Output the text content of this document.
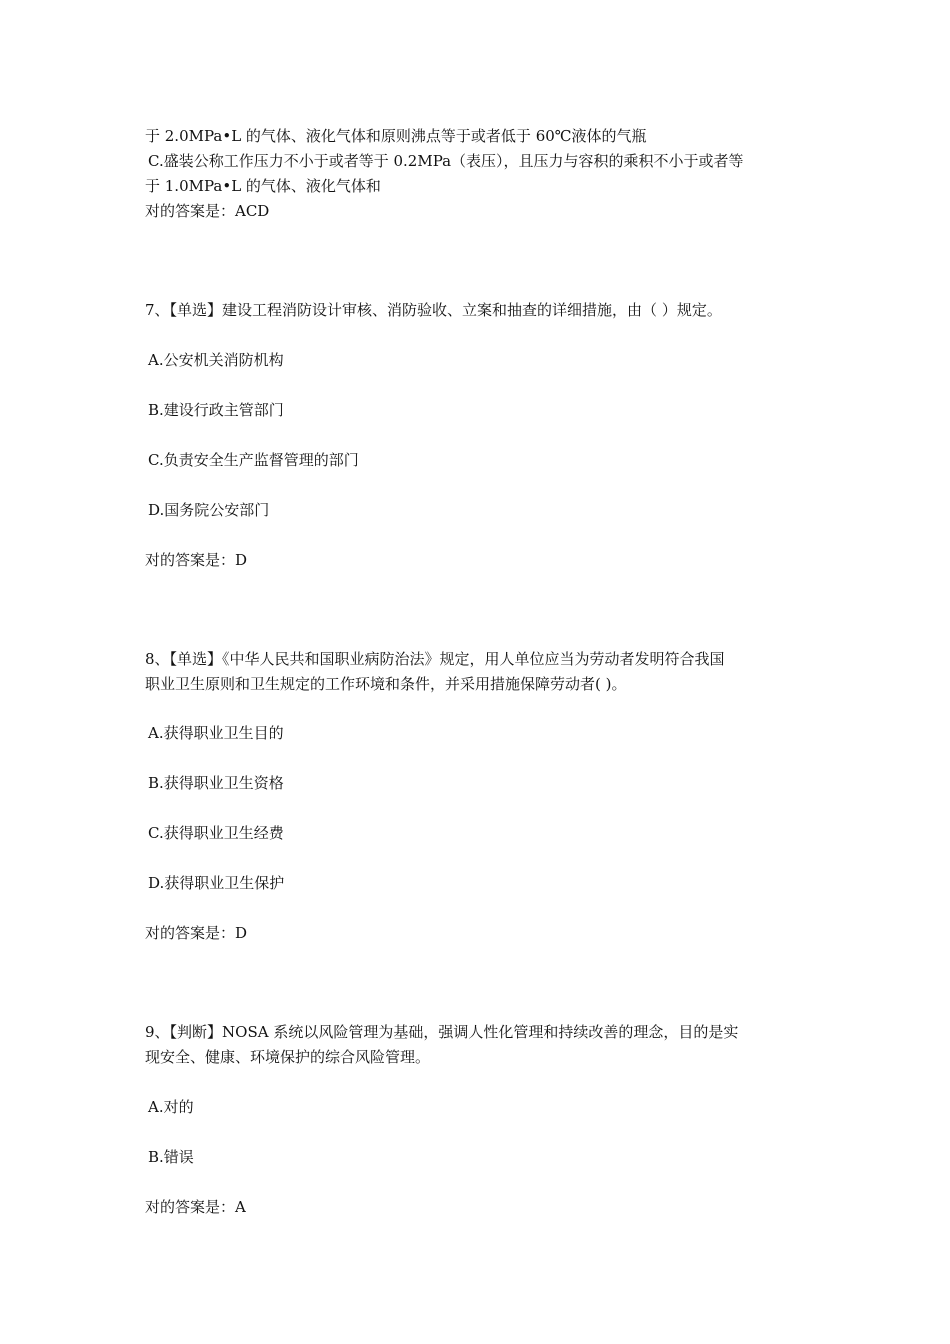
于 2.0MPa•L 的气体、液化气体和原则沸点等于或者低于 60℃液体的气瓶
C.盛装公称工作压力不小于或者等于 0.2MPa（表压），且压力与容积的乘积不小于或者等
于 1.0MPa•L 的气体、液化气体和
对的答案是：ACD
7、【单选】建设工程消防设计审核、消防验收、立案和抽查的详细措施，由（ ）规定。
A.公安机关消防机构
B.建设行政主管部门
C.负责安全生产监督管理的部门
D.国务院公安部门
对的答案是：D
8、【单选】《中华人民共和国职业病防治法》规定，用人单位应当为劳动者发明符合我国
职业卫生原则和卫生规定的工作环境和条件，并采用措施保障劳动者( )。
A.获得职业卫生目的
B.获得职业卫生资格
C.获得职业卫生经费
D.获得职业卫生保护
对的答案是：D
9、【判断】NOSA 系统以风险管理为基础，强调人性化管理和持续改善的理念，目的是实
现安全、健康、环境保护的综合风险管理。
A.对的
B.错误
对的答案是：A
